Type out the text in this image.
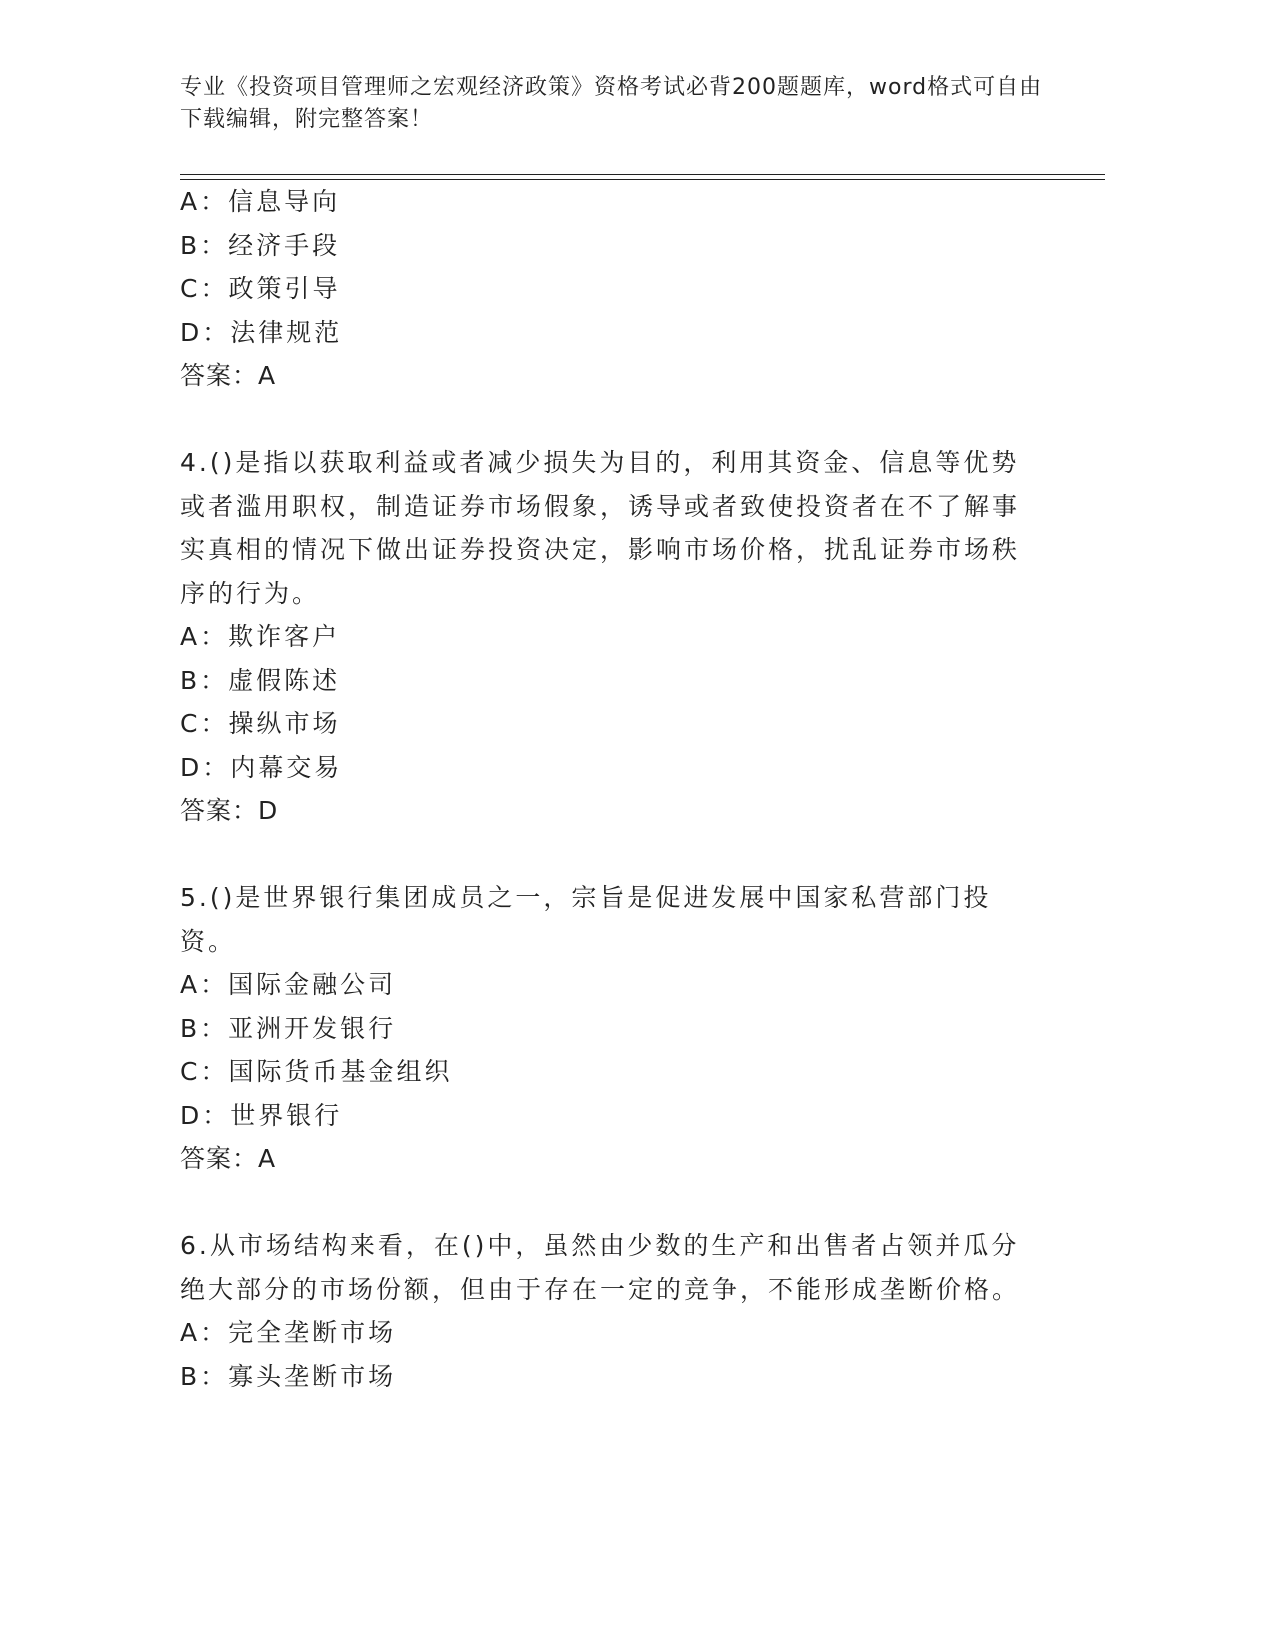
专业《投资项目管理师之宏观经济政策》资格考试必背200题题库，word格式可自由下载编辑，附完整答案！
A：信息导向
B：经济手段
C：政策引导
D：法律规范
答案：A
4.()是指以获取利益或者减少损失为目的，利用其资金、信息等优势或者滥用职权，制造证券市场假象，诱导或者致使投资者在不了解事实真相的情况下做出证券投资决定，影响市场价格，扰乱证券市场秩序的行为。
A：欺诈客户
B：虚假陈述
C：操纵市场
D：内幕交易
答案：D
5.()是世界银行集团成员之一，宗旨是促进发展中国家私营部门投资。
A：国际金融公司
B：亚洲开发银行
C：国际货币基金组织
D：世界银行
答案：A
6.从市场结构来看，在()中，虽然由少数的生产和出售者占领并瓜分绝大部分的市场份额，但由于存在一定的竞争，不能形成垄断价格。
A：完全垄断市场
B：寡头垄断市场
